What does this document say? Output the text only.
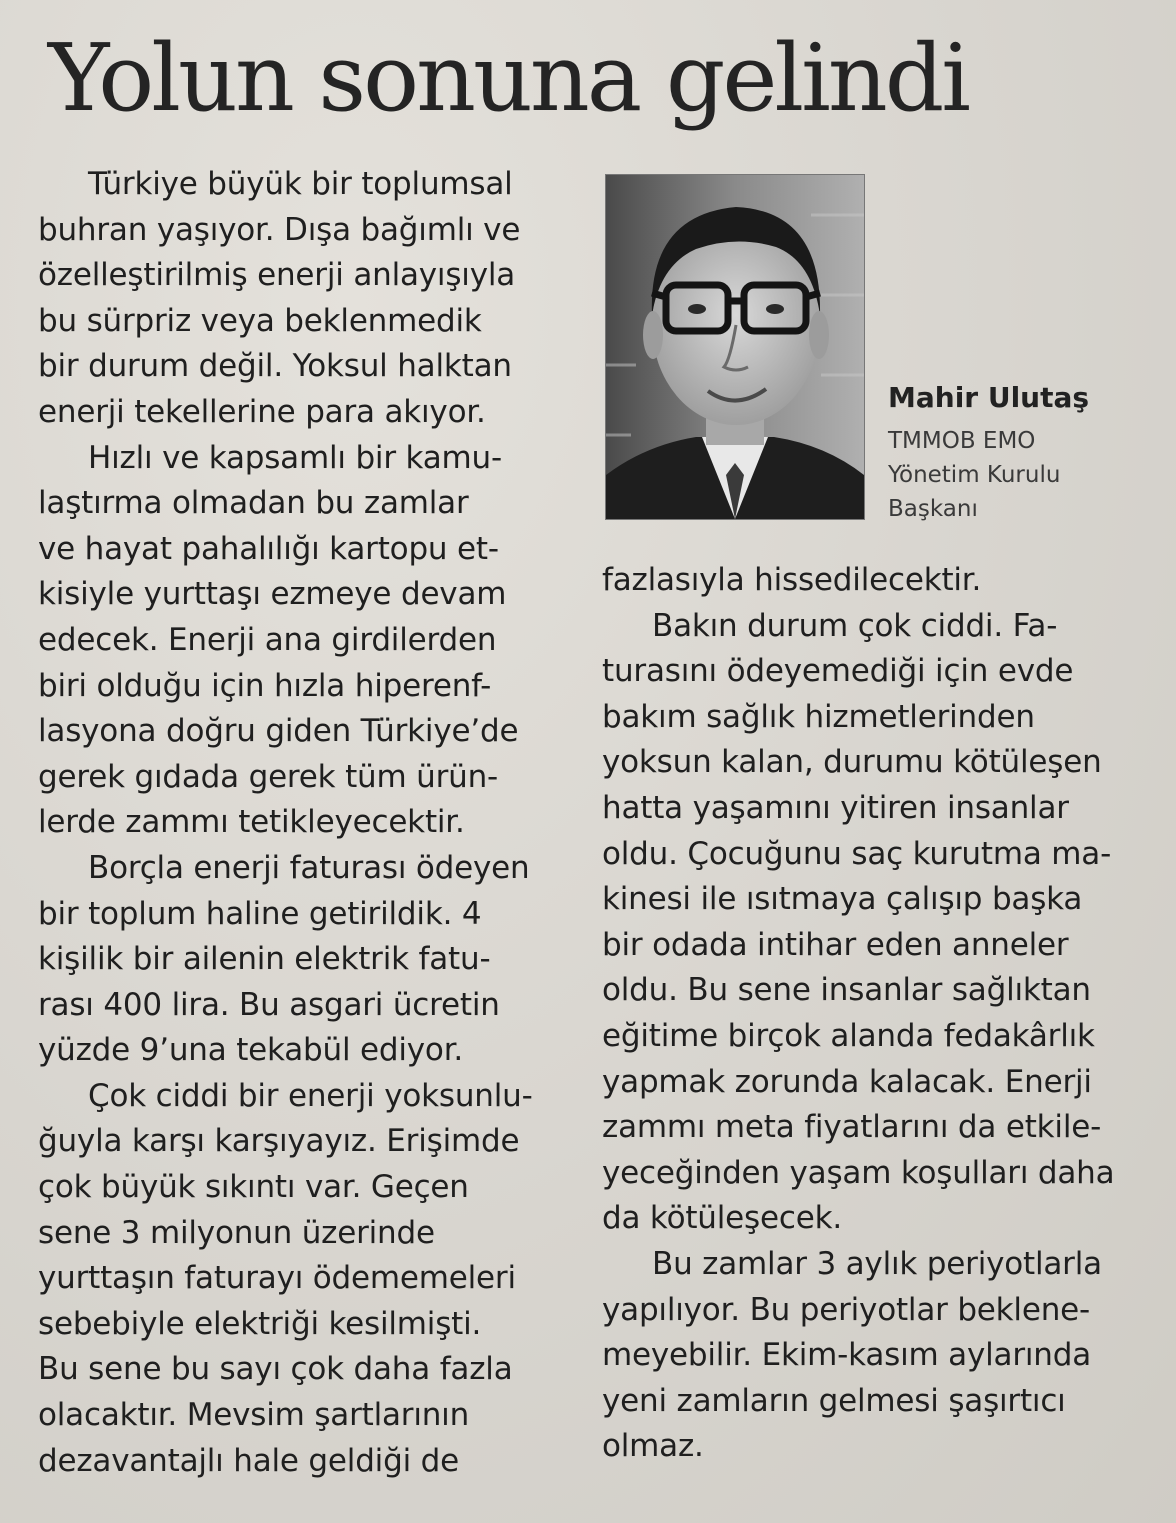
Yolun sonuna gelindi
Mahir Ulutaş
TMMOB EMO
Yönetim Kurulu
Başkanı
Türkiye büyük bir toplumsal
buhran yaşıyor. Dışa bağımlı ve
özelleştirilmiş enerji anlayışıyla
bu sürpriz veya beklenmedik
bir durum değil. Yoksul halktan
enerji tekellerine para akıyor.
Hızlı ve kapsamlı bir kamu-
laştırma olmadan bu zamlar
ve hayat pahalılığı kartopu et-
kisiyle yurttaşı ezmeye devam
edecek. Enerji ana girdilerden
biri olduğu için hızla hiperenf-
lasyona doğru giden Türkiye’de
gerek gıdada gerek tüm ürün-
lerde zammı tetikleyecektir.
Borçla enerji faturası ödeyen
bir toplum haline getirildik. 4
kişilik bir ailenin elektrik fatu-
rası 400 lira. Bu asgari ücretin
yüzde 9’una tekabül ediyor.
Çok ciddi bir enerji yoksunlu-
ğuyla karşı karşıyayız. Erişimde
çok büyük sıkıntı var. Geçen
sene 3 milyonun üzerinde
yurttaşın faturayı ödememeleri
sebebiyle elektriği kesilmişti.
Bu sene bu sayı çok daha fazla
olacaktır. Mevsim şartlarının
dezavantajlı hale geldiği de
fazlasıyla hissedilecektir.
Bakın durum çok ciddi. Fa-
turasını ödeyemediği için evde
bakım sağlık hizmetlerinden
yoksun kalan, durumu kötüleşen
hatta yaşamını yitiren insanlar
oldu. Çocuğunu saç kurutma ma-
kinesi ile ısıtmaya çalışıp başka
bir odada intihar eden anneler
oldu. Bu sene insanlar sağlıktan
eğitime birçok alanda fedakârlık
yapmak zorunda kalacak. Enerji
zammı meta fiyatlarını da etkile-
yeceğinden yaşam koşulları daha
da kötüleşecek.
Bu zamlar 3 aylık periyotlarla
yapılıyor. Bu periyotlar beklene-
meyebilir. Ekim-kasım aylarında
yeni zamların gelmesi şaşırtıcı
olmaz.
